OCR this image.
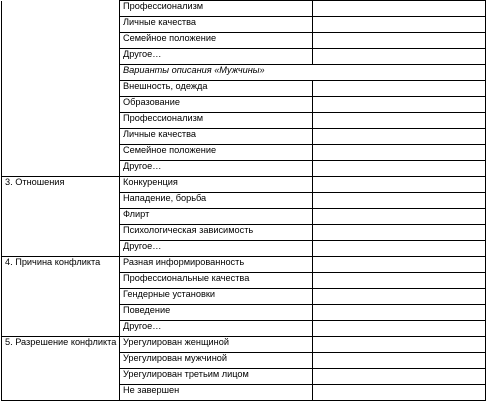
	Профессионализм	
	Личные качества	
	Семейное положение	
	Другое…	
	Варианты описания «Мужчины»	
	Внешность, одежда	
	Образование	
	Профессионализм	
	Личные качества	
	Семейное положение	
	Другое…	
3. Отношения	Конкуренция	
	Нападение, борьба	
	Флирт	
	Психологическая зависимость	
	Другое…	
4. Причина конфликта	Разная информированность	
	Профессиональные качества	
	Гендерные установки	
	Поведение	
	Другое…	
5. Разрешение конфликта	Урегулирован женщиной	
	Урегулирован мужчиной	
	Урегулирован третьим лицом	
	Не завершен	
